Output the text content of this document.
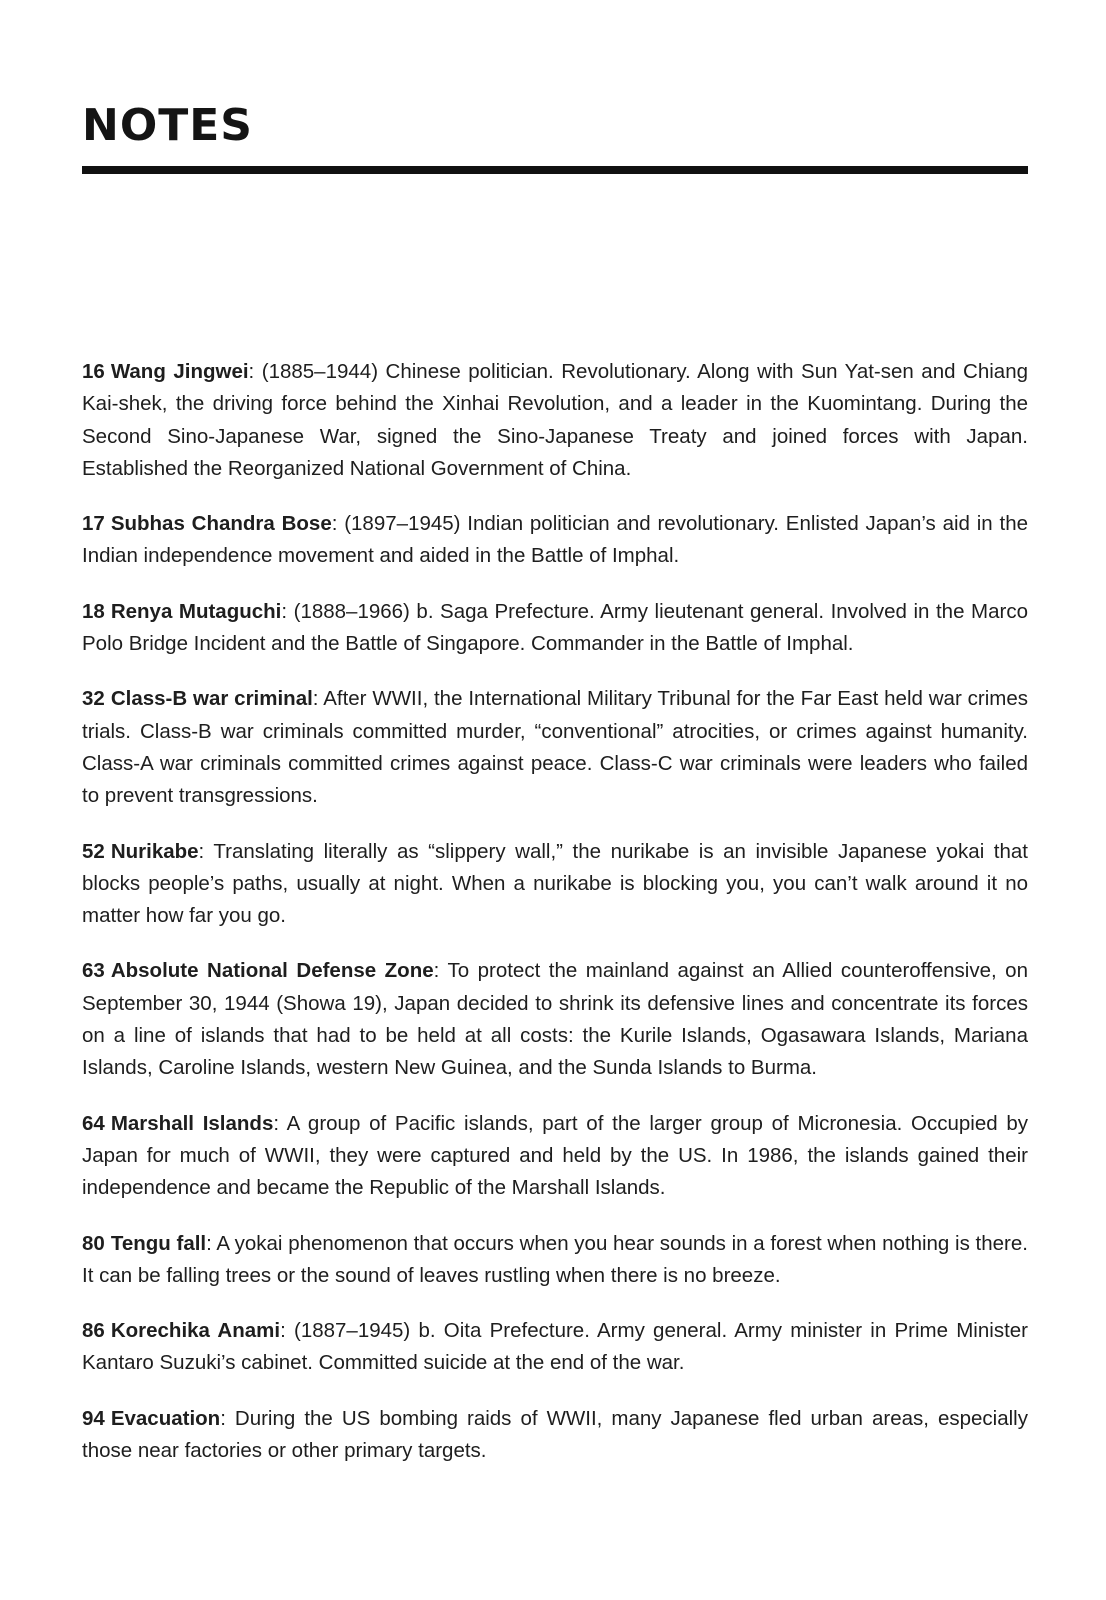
NOTES
16 Wang Jingwei: (1885–1944) Chinese politician. Revolutionary. Along with Sun Yat-sen and Chiang Kai-shek, the driving force behind the Xinhai Revolution, and a leader in the Kuomintang. During the Second Sino-Japanese War, signed the Sino-Japanese Treaty and joined forces with Japan. Established the Reorganized National Government of China.
17 Subhas Chandra Bose: (1897–1945) Indian politician and revolutionary. Enlisted Japan’s aid in the Indian independence movement and aided in the Battle of Imphal.
18 Renya Mutaguchi: (1888–1966) b. Saga Prefecture. Army lieutenant general. Involved in the Marco Polo Bridge Incident and the Battle of Singapore. Commander in the Battle of Imphal.
32 Class-B war criminal: After WWII, the International Military Tribunal for the Far East held war crimes trials. Class-B war criminals committed murder, “conventional” atrocities, or crimes against humanity. Class-A war criminals committed crimes against peace. Class-C war criminals were leaders who failed to prevent transgressions.
52 Nurikabe: Translating literally as “slippery wall,” the nurikabe is an invisible Japanese yokai that blocks people’s paths, usually at night. When a nurikabe is blocking you, you can’t walk around it no matter how far you go.
63 Absolute National Defense Zone: To protect the mainland against an Allied counteroffensive, on September 30, 1944 (Showa 19), Japan decided to shrink its defensive lines and concentrate its forces on a line of islands that had to be held at all costs: the Kurile Islands, Ogasawara Islands, Mariana Islands, Caroline Islands, western New Guinea, and the Sunda Islands to Burma.
64 Marshall Islands: A group of Pacific islands, part of the larger group of Micronesia. Occupied by Japan for much of WWII, they were captured and held by the US. In 1986, the islands gained their independence and became the Republic of the Marshall Islands.
80 Tengu fall: A yokai phenomenon that occurs when you hear sounds in a forest when nothing is there. It can be falling trees or the sound of leaves rustling when there is no breeze.
86 Korechika Anami: (1887–1945) b. Oita Prefecture. Army general. Army minister in Prime Minister Kantaro Suzuki’s cabinet. Committed suicide at the end of the war.
94 Evacuation: During the US bombing raids of WWII, many Japanese fled urban areas, especially those near factories or other primary targets.
